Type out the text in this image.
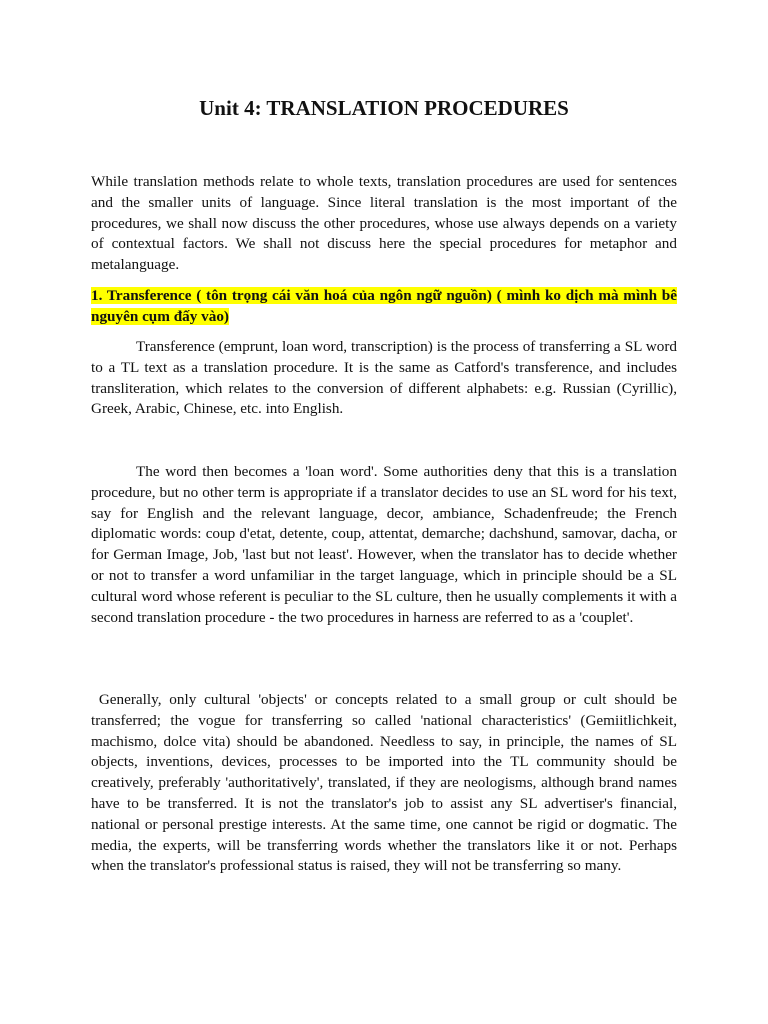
Unit 4: TRANSLATION PROCEDURES

While translation methods relate to whole texts, translation procedures are used for sentences and the smaller units of language. Since literal translation is the most important of the procedures, we shall now discuss the other procedures, whose use always depends on a variety of contextual factors. We shall not discuss here the special procedures for metaphor and metalanguage.

1. Transference ( tôn trọng cái văn hoá của ngôn ngữ nguồn) ( mình ko dịch mà mình bê nguyên cụm đấy vào)

Transference (emprunt, loan word, transcription) is the process of transferring a SL word to a TL text as a translation procedure. It is the same as Catford's transference, and includes transliteration, which relates to the conversion of different alphabets: e.g. Russian (Cyrillic), Greek, Arabic, Chinese, etc. into English.

The word then becomes a 'loan word'. Some authorities deny that this is a translation procedure, but no other term is appropriate if a translator decides to use an SL word for his text, say for English and the relevant language, decor, ambiance, Schadenfreude; the French diplomatic words: coup d'etat, detente, coup, attentat, demarche; dachshund, samovar, dacha, or for German Image, Job, 'last but not least'. However, when the translator has to decide whether or not to transfer a word unfamiliar in the target language, which in principle should be a SL cultural word whose referent is peculiar to the SL culture, then he usually complements it with a second translation procedure - the two procedures in harness are referred to as a 'couplet'.

Generally, only cultural 'objects' or concepts related to a small group or cult should be transferred; the vogue for transferring so called 'national characteristics' (Gemiitlichkeit, machismo, dolce vita) should be abandoned. Needless to say, in principle, the names of SL objects, inventions, devices, processes to be imported into the TL community should be creatively, preferably 'authoritatively', translated, if they are neologisms, although brand names have to be transferred. It is not the translator's job to assist any SL advertiser's financial, national or personal prestige interests. At the same time, one cannot be rigid or dogmatic. The media, the experts, will be transferring words whether the translators like it or not. Perhaps when the translator's professional status is raised, they will not be transferring so many.
